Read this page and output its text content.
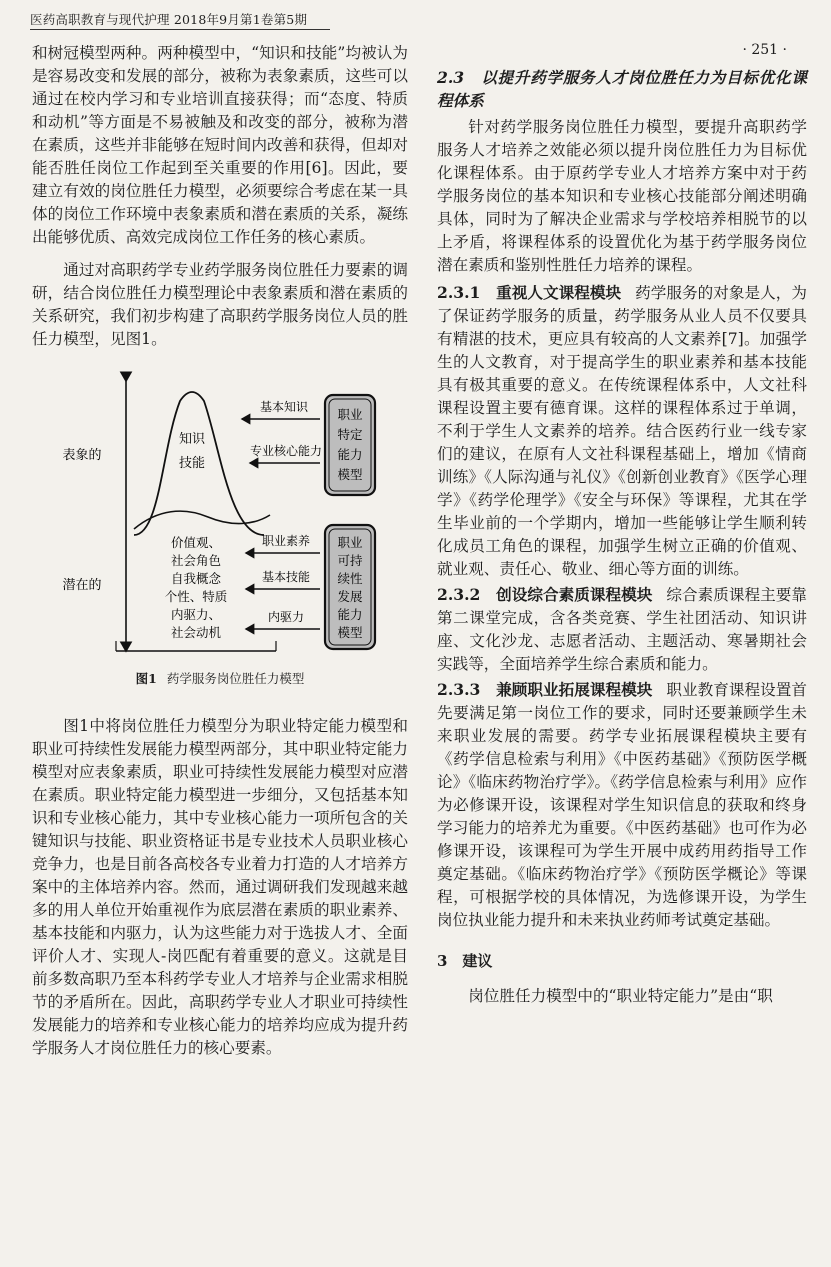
医药高职教育与现代护理 2018年9月第1卷第5期
· 251 ·

和树冠模型两种。两种模型中，“知识和技能”均被认为是容易改变和发展的部分，被称为表象素质，这些可以通过在校内学习和专业培训直接获得；而“态度、特质和动机”等方面是不易被触及和改变的部分，被称为潜在素质，这些并非能够在短时间内改善和获得，但却对能否胜任岗位工作起到至关重要的作用[6]。因此，要建立有效的岗位胜任力模型，必须要综合考虑在某一具体的岗位工作环境中表象素质和潜在素质的关系，凝练出能够优质、高效完成岗位工作任务的核心素质。

通过对高职药学专业药学服务岗位胜任力要素的调研，结合岗位胜任力模型理论中表象素质和潜在素质的关系研究，我们初步构建了高职药学服务岗位人员的胜任力模型，见图1。

表象的
潜在的
知识
技能
价值观、
社会角色
自我概念
个性、特质
内驱力、
社会动机
基本知识
专业核心能力
职业素养
基本技能
内驱力
职业
特定
能力
模型
职业
可持
续性
发展
能力
模型
图1 药学服务岗位胜任力模型

图1中将岗位胜任力模型分为职业特定能力模型和职业可持续性发展能力模型两部分，其中职业特定能力模型对应表象素质，职业可持续性发展能力模型对应潜在素质。职业特定能力模型进一步细分，又包括基本知识和专业核心能力，其中专业核心能力一项所包含的关键知识与技能、职业资格证书是专业技术人员职业核心竞争力，也是目前各高校各专业着力打造的人才培养方案中的主体培养内容。然而，通过调研我们发现越来越多的用人单位开始重视作为底层潜在素质的职业素养、基本技能和内驱力，认为这些能力对于选拔人才、全面评价人才、实现人-岗匹配有着重要的意义。这就是目前多数高职乃至本科药学专业人才培养与企业需求相脱节的矛盾所在。因此，高职药学专业人才职业可持续性发展能力的培养和专业核心能力的培养均应成为提升药学服务人才岗位胜任力的核心要素。

2.3　以提升药学服务人才岗位胜任力为目标优化课程体系

针对药学服务岗位胜任力模型，要提升高职药学服务人才培养之效能必须以提升岗位胜任力为目标优化课程体系。由于原药学专业人才培养方案中对于药学服务岗位的基本知识和专业核心技能部分阐述明确具体，同时为了解决企业需求与学校培养相脱节的以上矛盾，将课程体系的设置优化为基于药学服务岗位潜在素质和鉴别性胜任力培养的课程。

2.3.1　重视人文课程模块 药学服务的对象是人，为了保证药学服务的质量，药学服务从业人员不仅要具有精湛的技术，更应具有较高的人文素养[7]。加强学生的人文教育，对于提高学生的职业素养和基本技能具有极其重要的意义。在传统课程体系中，人文社科课程设置主要有德育课。这样的课程体系过于单调，不利于学生人文素养的培养。结合医药行业一线专家们的建议，在原有人文社科课程基础上，增加《情商训练》《人际沟通与礼仪》《创新创业教育》《医学心理学》《药学伦理学》《安全与环保》等课程，尤其在学生毕业前的一个学期内，增加一些能够让学生顺利转化成员工角色的课程，加强学生树立正确的价值观、就业观、责任心、敬业、细心等方面的训练。

2.3.2　创设综合素质课程模块 综合素质课程主要靠第二课堂完成，含各类竞赛、学生社团活动、知识讲座、文化沙龙、志愿者活动、主题活动、寒暑期社会实践等，全面培养学生综合素质和能力。

2.3.3　兼顾职业拓展课程模块 职业教育课程设置首先要满足第一岗位工作的要求，同时还要兼顾学生未来职业发展的需要。药学专业拓展课程模块主要有《药学信息检索与利用》《中医药基础》《预防医学概论》《临床药物治疗学》。《药学信息检索与利用》应作为必修课开设，该课程对学生知识信息的获取和终身学习能力的培养尤为重要。《中医药基础》也可作为必修课开设，该课程可为学生开展中成药用药指导工作奠定基础。《临床药物治疗学》《预防医学概论》等课程，可根据学校的具体情况，为选修课开设，为学生岗位执业能力提升和未来执业药师考试奠定基础。

3　建议

岗位胜任力模型中的“职业特定能力”是由“职
